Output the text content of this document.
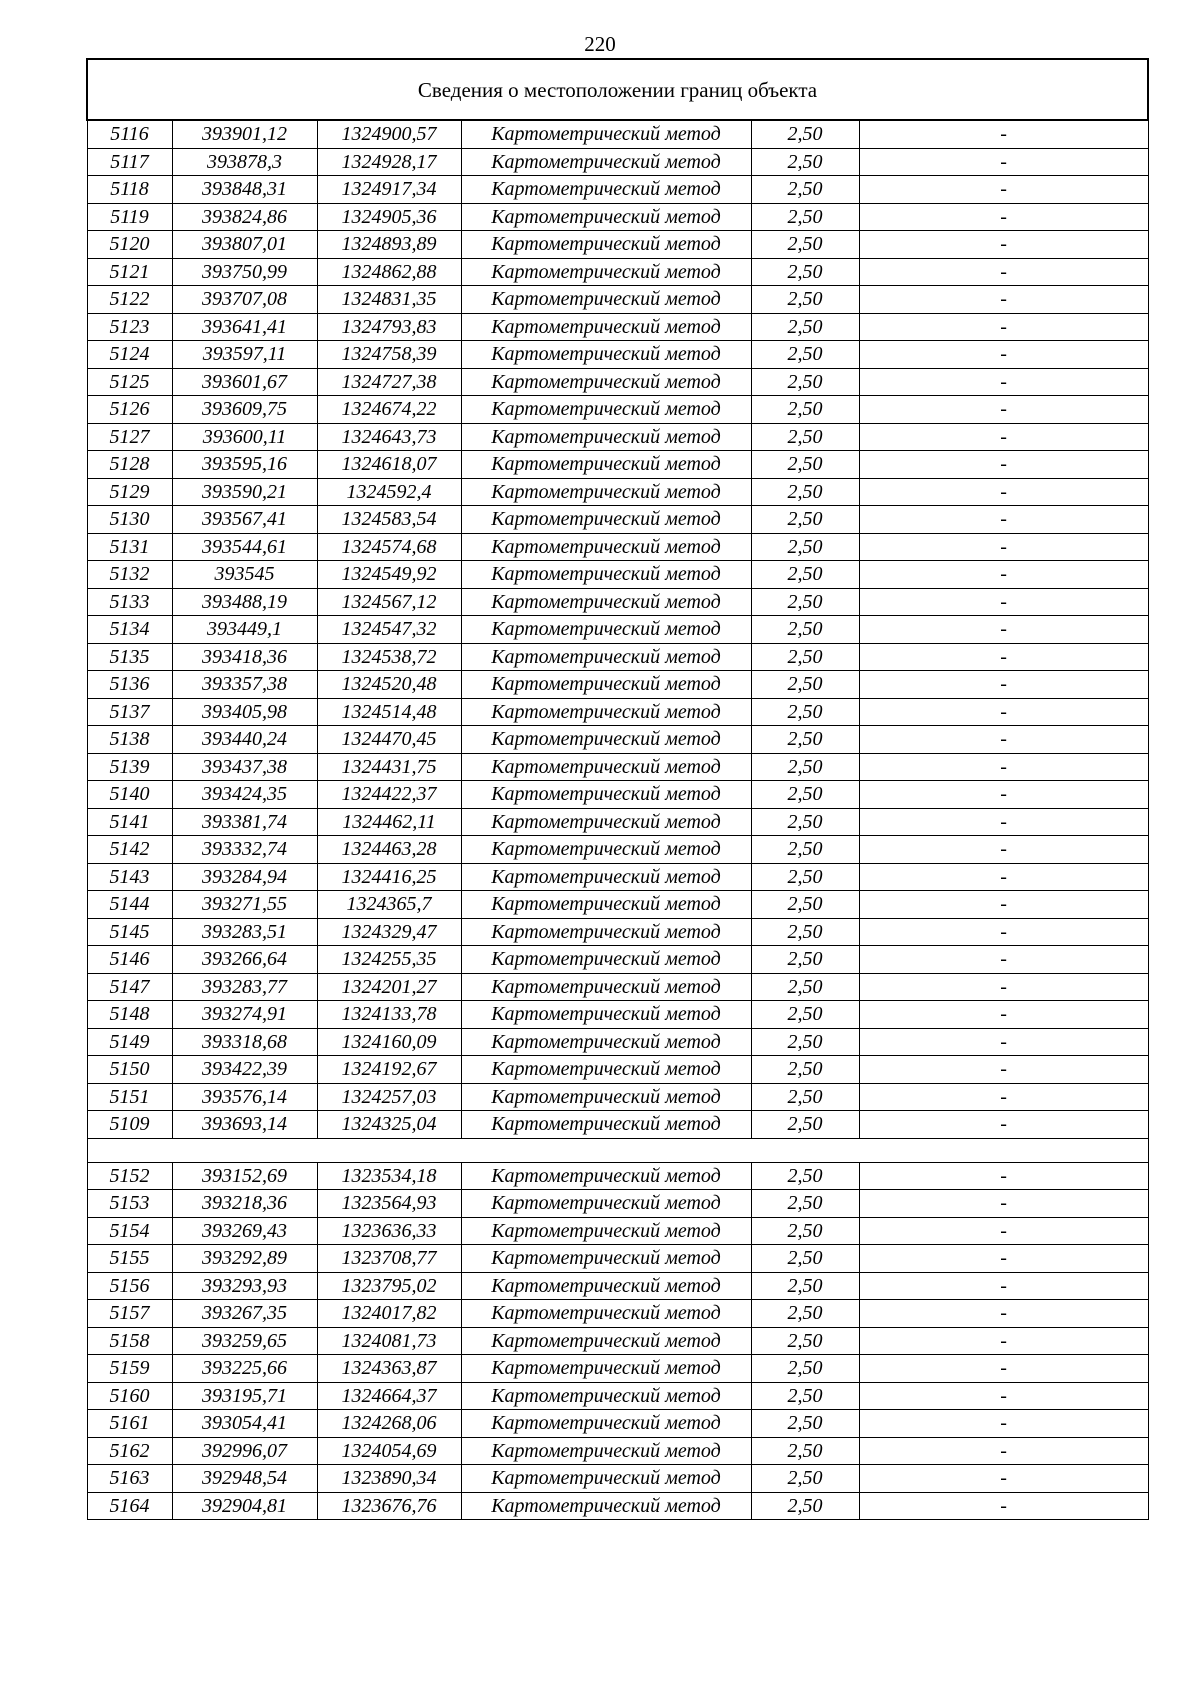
220
Сведения о местоположении границ объекта					
5116	393901,12	1324900,57	Картометрический метод	2,50	-
5117	393878,3	1324928,17	Картометрический метод	2,50	-
5118	393848,31	1324917,34	Картометрический метод	2,50	-
5119	393824,86	1324905,36	Картометрический метод	2,50	-
5120	393807,01	1324893,89	Картометрический метод	2,50	-
5121	393750,99	1324862,88	Картометрический метод	2,50	-
5122	393707,08	1324831,35	Картометрический метод	2,50	-
5123	393641,41	1324793,83	Картометрический метод	2,50	-
5124	393597,11	1324758,39	Картометрический метод	2,50	-
5125	393601,67	1324727,38	Картометрический метод	2,50	-
5126	393609,75	1324674,22	Картометрический метод	2,50	-
5127	393600,11	1324643,73	Картометрический метод	2,50	-
5128	393595,16	1324618,07	Картометрический метод	2,50	-
5129	393590,21	1324592,4	Картометрический метод	2,50	-
5130	393567,41	1324583,54	Картометрический метод	2,50	-
5131	393544,61	1324574,68	Картометрический метод	2,50	-
5132	393545	1324549,92	Картометрический метод	2,50	-
5133	393488,19	1324567,12	Картометрический метод	2,50	-
5134	393449,1	1324547,32	Картометрический метод	2,50	-
5135	393418,36	1324538,72	Картометрический метод	2,50	-
5136	393357,38	1324520,48	Картометрический метод	2,50	-
5137	393405,98	1324514,48	Картометрический метод	2,50	-
5138	393440,24	1324470,45	Картометрический метод	2,50	-
5139	393437,38	1324431,75	Картометрический метод	2,50	-
5140	393424,35	1324422,37	Картометрический метод	2,50	-
5141	393381,74	1324462,11	Картометрический метод	2,50	-
5142	393332,74	1324463,28	Картометрический метод	2,50	-
5143	393284,94	1324416,25	Картометрический метод	2,50	-
5144	393271,55	1324365,7	Картометрический метод	2,50	-
5145	393283,51	1324329,47	Картометрический метод	2,50	-
5146	393266,64	1324255,35	Картометрический метод	2,50	-
5147	393283,77	1324201,27	Картометрический метод	2,50	-
5148	393274,91	1324133,78	Картометрический метод	2,50	-
5149	393318,68	1324160,09	Картометрический метод	2,50	-
5150	393422,39	1324192,67	Картометрический метод	2,50	-
5151	393576,14	1324257,03	Картометрический метод	2,50	-
5109	393693,14	1324325,04	Картометрический метод	2,50	-

5152	393152,69	1323534,18	Картометрический метод	2,50	-
5153	393218,36	1323564,93	Картометрический метод	2,50	-
5154	393269,43	1323636,33	Картометрический метод	2,50	-
5155	393292,89	1323708,77	Картометрический метод	2,50	-
5156	393293,93	1323795,02	Картометрический метод	2,50	-
5157	393267,35	1324017,82	Картометрический метод	2,50	-
5158	393259,65	1324081,73	Картометрический метод	2,50	-
5159	393225,66	1324363,87	Картометрический метод	2,50	-
5160	393195,71	1324664,37	Картометрический метод	2,50	-
5161	393054,41	1324268,06	Картометрический метод	2,50	-
5162	392996,07	1324054,69	Картометрический метод	2,50	-
5163	392948,54	1323890,34	Картометрический метод	2,50	-
5164	392904,81	1323676,76	Картометрический метод	2,50	-
